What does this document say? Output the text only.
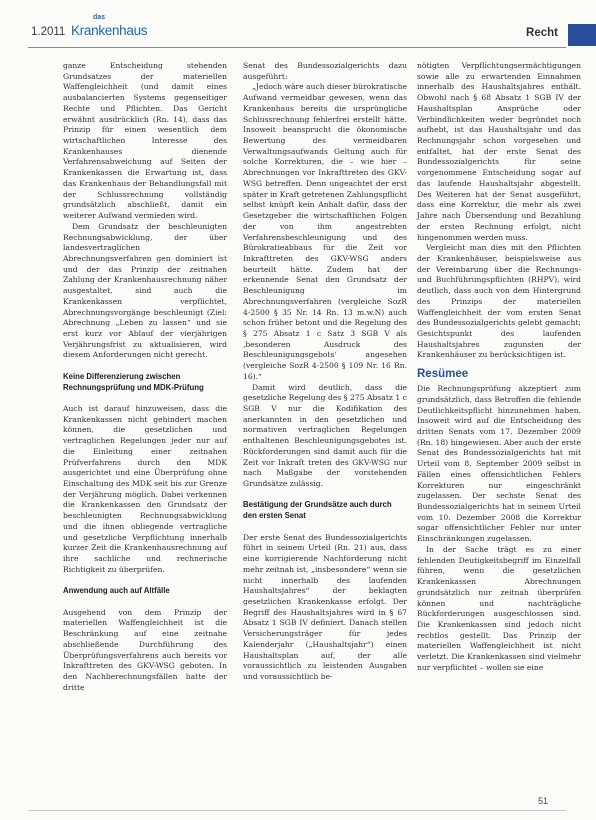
1.2011
das
Krankenhaus	Recht

ganze Entscheidung stehenden Grundsatzes der materiellen Waffengleichheit (und damit eines ausbalancierten Systems gegenseitiger Rechte und Pflichten. Das Gericht erwähnt ausdrücklich (Rn. 14), dass das Prinzip für einen wesentlich dem wirtschaftlichen Interesse des Krankenhauses dienende Verfahrensabweichung auf Seiten der Krankenkassen die Erwartung ist, dass das Krankenhaus der Behandlungsfall mit der Schlussrechnung vollständig grundsätzlich abschließt, damit ein weiterer Aufwand vermieden wird.

Dem Grundsatz der beschleunigten Rechnungsabwicklung, der über landesvertraglichen Abrechnungsverfahren gen dominiert ist und der das Prinzip der zeitnahen Zahlung der Krankenhausrechnung näher ausgestaltet, sind auch die Krankenkassen verpflichtet, Abrechnungsvorgänge beschleunigt (Ziel: Abrechnung „Leben zu lassen“ und sie erst kurz vor Ablauf der vierjährigen Verjährungsfrist zu aktualisieren, wird diesem Anforderungen nicht gerecht.

Keine Differenzierung zwischen Rechnungsprüfung und MDK-Prüfung

Auch ist darauf hinzuweisen, dass die Krankenkassen nicht gehindert machen können, die gesetzlichen und vertraglichen Regelungen jeder nur auf die Einleitung einer zeitnahen Prüfverfahrens durch den MDK ausgerichtet und eine Überprüfung ohne Einschaltung des MDK seit bis zur Grenze der Verjährung möglich. Dabei verkennen die Krankenkassen den Grundsatz der beschleunigten Rechnungsabwicklung und die ihnen obliegende vertragliche und gesetzliche Verpflichtung innerhalb kurzer Zeit die Krankenhausrechnung auf ihre sachliche und rechnerische Richtigkeit zu überprüfen.

Anwendung auch auf Altfälle

Ausgehend von dem Prinzip der materiellen Waffengleichheit ist die Beschränkung auf eine zeitnahe abschließende Durchführung des Überprüfungsverfahrens auch bereits vor Inkrafttreten des GKV-WSG geboten. In den Nachberechnungsfällen hatte der dritte

Senat des Bundessozialgerichts dazu ausgeführt:

„Jedoch wäre auch dieser bürokratische Aufwand vermeidbar gewesen, wenn das Krankenhaus bereits die ursprüngliche Schlussrechnung fehlerfrei erstellt hätte. Insoweit beansprucht die ökonomische Bewertung des vermeidbaren Verwaltungsaufwands Geltung auch für solche Korrekturen, die – wie hier – Abrechnungen vor Inkrafttreten des GKV-WSG betreffen. Denn ungeachtet der erst später in Kraft getretenen Zahlungspflicht selbst knüpft kein Anhalt dafür, dass der Gesetzgeber die wirtschaftlichen Folgen der von ihm angestrebten Verfahrensbeschleunigung und des Bürokratieabbaus für die Zeit vor Inkrafttreten des GKV-WSG anders beurteilt hätte. Zudem hat der erkennende Senat den Grundsatz der Beschleunigung im Abrechnungsverfahren (vergleiche SozR 4-2500 § 35 Nr. 14 Rn. 13 m.w.N) auch schon früher betont und die Regelung des § 275 Absatz 1 c Satz 3 SGB V als ‚besonderen Ausdruck des Beschleunigungsgebots‘ angesehen (vergleiche SozR 4-2500 § 109 Nr. 16 Rn. 16).“

Damit wird deutlich, dass die gesetzliche Regelung des § 275 Absatz 1 c SGB V nur die Kodifikation des anerkannten in den gesetzlichen und normativen vertraglichen Regelungen enthaltenen Beschleunigungsgebotes ist. Rückforderungen sind damit auch für die Zeit vor Inkraft treten des GKV-WSG nur nach Maßgabe der vorstehenden Grundsätze zulässig.

Bestätigung der Grundsätze auch durch den ersten Senat

Der erste Senat des Bundessozialgerichts führt in seinem Urteil (Rn. 21) aus, dass eine korrigierende Nachforderung nicht mehr zeitnah ist, „insbesondere“ wenn sie nicht innerhalb des laufenden Haushaltsjahres“ der beklagten gesetzlichen Krankenkasse erfolgt. Der Begriff des Haushaltsjahres wird in § 67 Absatz 1 SGB IV definiert. Danach stellen Versicherungsträger für jedes Kalenderjahr („Haushaltsjahr“) einen Haushaltsplan auf, der alle voraussichtlich zu leistenden Ausgaben und voraussichtlich be-

nötigten Verpflichtungsermächtigungen sowie alle zu erwartenden Einnahmen innerhalb des Haushaltsjahres enthält. Obwohl nach § 68 Absatz 1 SGB IV der Haushaltsplan Ansprüche oder Verbindlichkeiten weder begründet noch aufhebt, ist das Haushaltsjahr und das Rechnungsjahr schon vorgesehen und entfaltet, hat der erste Senat des Bundessozialgerichts für seine vorgenommene Entscheidung sogar auf das laufende Haushaltsjahr abgestellt. Des Weiteren hat der Senat ausgeführt, dass eine Korrektur, die mehr als zwei Jahre nach Übersendung und Bezahlung der ersten Rechnung erfolgt, nicht hingenommen werden muss.

Vergleicht man dies mit den Pflichten der Krankenhäuser, beispielsweise aus der Vereinbarung über die Rechnungs- und Buchführungspflichten (RHPV), wird deutlich, dass auch von dem Hintergrund des Prinzips der materiellen Waffengleichheit der vom ersten Senat des Bundessozialgerichts gelebt gemacht; Gesichtspunkt des laufenden Haushaltsjahres zugunsten der Krankenhäuser zu berücksichtigen ist.

Resümee

Die Rechnungsprüfung akzeptiert zum grundsätzlich, dass Betroffen die fehlende Deutlichkeitspflicht hinzunehmen haben. Insoweit wird auf die Entscheidung des dritten Senats vom 17. Dezember 2009 (Rn. 18) hingewiesen. Aber auch der erste Senat des Bundessozialgerichts hat mit Urteil vom 8. September 2009 selbst in Fällen eines offensichtlichen Fehlers Korrekturen nur eingeschränkt zugelassen. Der sechste Senat des Bundessozialgerichts hat in seinem Urteil vom 10. Dezember 2008 die Korrektur sogar offensichtlicher Fehler nur unter Einschränkungen zugelassen.

In der Sache trägt es zu einer fehlenden Deutigkeitsbegriff im Einzelfall führen, wenn die gesetzlichen Krankenkassen Abrechnungen grundsätzlich nur zeitnah überprüfen können und nachträgliche Rückforderungen ausgeschlossen sind. Die Krankenkassen sind jedoch nicht rechtlos gestellt. Das Prinzip der materiellen Waffengleichheit ist nicht verletzt. Die Krankenkassen sind vielmehr nur verpflichtet – wollen sie eine

51
